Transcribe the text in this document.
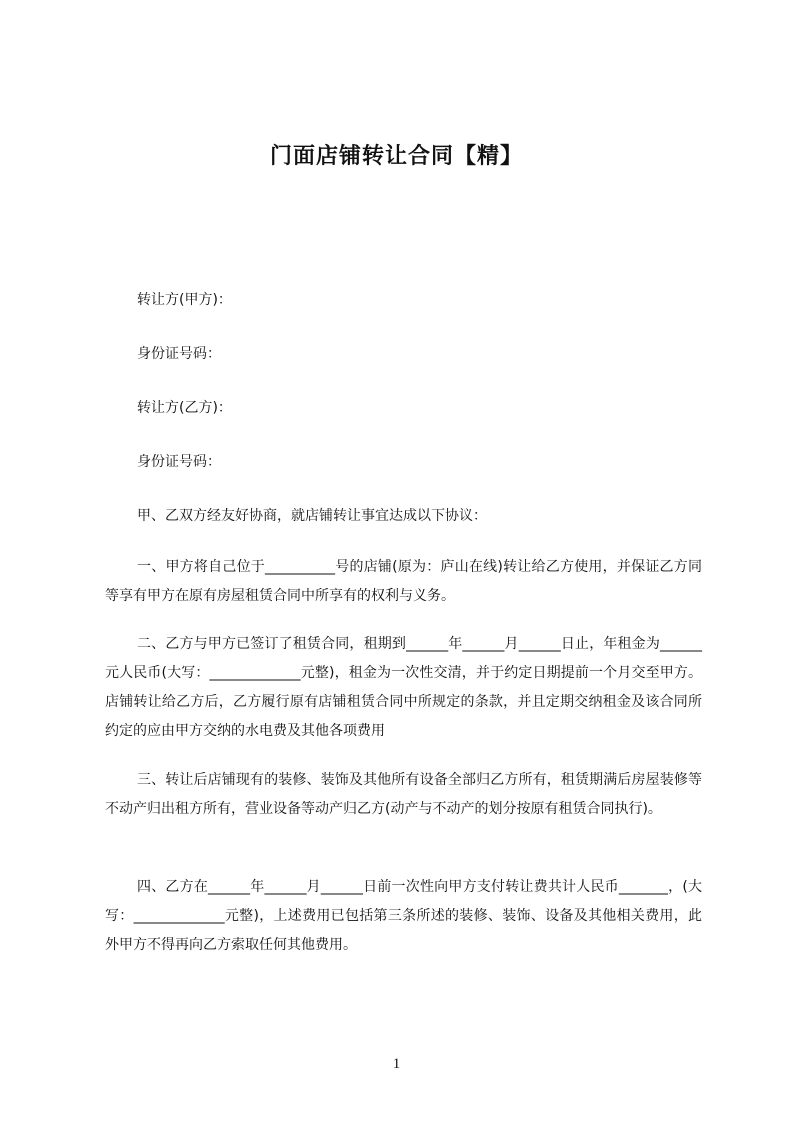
门面店铺转让合同【精】
转让方(甲方)：
身份证号码：
转让方(乙方)：
身份证号码：
甲、乙双方经友好协商，就店铺转让事宜达成以下协议：
一、甲方将自己位于__________号的店铺(原为：庐山在线)转让给乙方使用，并保证乙方同等享有甲方在原有房屋租赁合同中所享有的权利与义务。
二、乙方与甲方已签订了租赁合同，租期到______年______月______日止，年租金为______元人民币(大写：_____________元整)，租金为一次性交清，并于约定日期提前一个月交至甲方。店铺转让给乙方后，乙方履行原有店铺租赁合同中所规定的条款，并且定期交纳租金及该合同所约定的应由甲方交纳的水电费及其他各项费用
三、转让后店铺现有的装修、装饰及其他所有设备全部归乙方所有，租赁期满后房屋装修等不动产归出租方所有，营业设备等动产归乙方(动产与不动产的划分按原有租赁合同执行)。
四、乙方在______年______月______日前一次性向甲方支付转让费共计人民币_______，(大写：_____________元整)，上述费用已包括第三条所述的装修、装饰、设备及其他相关费用，此外甲方不得再向乙方索取任何其他费用。
1
